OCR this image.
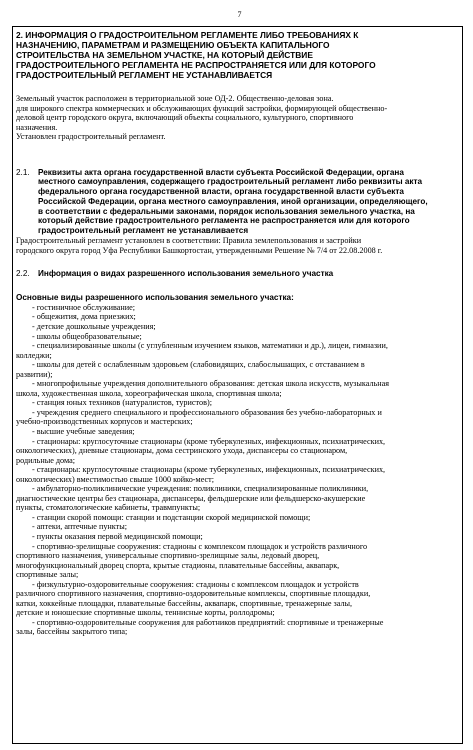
7
2. ИНФОРМАЦИЯ О ГРАДОСТРОИТЕЛЬНОМ РЕГЛАМЕНТЕ ЛИБО ТРЕБОВАНИЯХ К
НАЗНАЧЕНИЮ, ПАРАМЕТРАМ И РАЗМЕЩЕНИЮ ОБЪЕКТА КАПИТАЛЬНОГО
СТРОИТЕЛЬСТВА НА ЗЕМЕЛЬНОМ УЧАСТКЕ, НА КОТОРЫЙ ДЕЙСТВИЕ
ГРАДОСТРОИТЕЛЬНОГО РЕГЛАМЕНТА НЕ РАСПРОСТРАНЯЕТСЯ ИЛИ ДЛЯ КОТОРОГО
ГРАДОСТРОИТЕЛЬНЫЙ РЕГЛАМЕНТ НЕ УСТАНАВЛИВАЕТСЯ
Земельный участок расположен в территориальной зоне ОД-2. Общественно-деловая зона.
для широкого спектра коммерческих и обслуживающих функций застройки, формирующей общественно-
деловой центр городского округа, включающий объекты социального, культурного, спортивного
назначения.
Установлен градостроительный регламент.
2.1.	Реквизиты акта органа государственной власти субъекта Российской Федерации, органа
местного самоуправления, содержащего градостроительный регламент либо реквизиты акта
федерального органа государственной власти, органа государственной власти субъекта
Российской Федерации, органа местного самоуправления, иной организации, определяющего,
в соответствии с федеральными законами, порядок использования земельного участка, на
который действие градостроительного регламента не распространяется или для которого
градостроительный регламент не устанавливается
Градостроительный регламент установлен в соответствии: Правила землепользования и застройки
городского округа город Уфа Республики Башкортостан, утвержденными Решение № 7/4 от 22.08.2008 г.
2.2.	Информация о видах разрешенного использования земельного участка
Основные виды разрешенного использования земельного участка:
- гостиничное обслуживание;
- общежития, дома приезжих;
- детские дошкольные учреждения;
- школы общеобразовательные;
- специализированные школы (с углубленным изучением языков, математики и др.), лицеи, гимназии,
колледжи;
- школы для детей с ослабленным здоровьем (слабовидящих, слабослышащих, с отставанием в
развитии);
- многопрофильные учреждения дополнительного образования: детская школа искусств, музыкальная
школа, художественная школа, хореографическая школа, спортивная школа;
- станция юных техников (натуралистов, туристов);
- учреждения среднего специального и профессионального образования без учебно-лабораторных и
учебно-производственных корпусов и мастерских;
- высшие учебные заведения;
- стационары: круглосуточные стационары (кроме туберкулезных, инфекционных, психиатрических,
онкологических), дневные стационары, дома сестринского ухода, диспансеры со стационаром,
родильные дома;
- стационары: круглосуточные стационары (кроме туберкулезных, инфекционных, психиатрических,
онкологических) вместимостью свыше 1000 койко-мест;
- амбулаторно-поликлинические учреждения: поликлиники, специализированные поликлиники,
диагностические центры без стационара, диспансеры, фельдшерские или фельдшерско-акушерские
пункты, стоматологические кабинеты, травмпункты;
- станции скорой помощи: станции и подстанции скорой медицинской помощи;
- аптеки, аптечные пункты;
- пункты оказания первой медицинской помощи;
- спортивно-зрелищные сооружения: стадионы с комплексом площадок и устройств различного
спортивного назначения, универсальные спортивно-зрелищные залы, ледовый дворец,
многофункциональный дворец спорта, крытые стадионы, плавательные бассейны, аквапарк,
спортивные залы;
- физкультурно-оздоровительные сооружения: стадионы с комплексом площадок и устройств
различного спортивного назначения, спортивно-оздоровительные комплексы, спортивные площадки,
катки, хоккейные площадки, плавательные бассейны, аквапарк, спортивные, тренажерные залы,
детские и юношеские спортивные школы, теннисные корты, роллодромы;
- спортивно-оздоровительные сооружения для работников предприятий: спортивные и тренажерные
залы, бассейны закрытого типа;
